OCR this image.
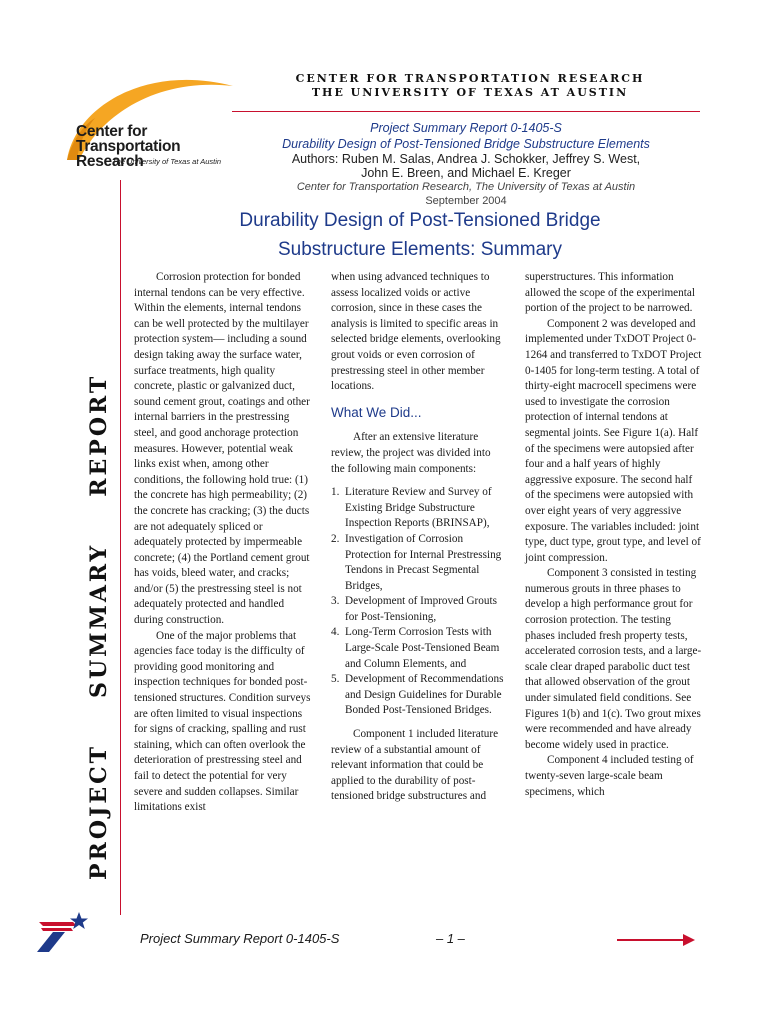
Center for
Transportation Research
The University of Texas at Austin
CENTER FOR TRANSPORTATION RESEARCH
THE UNIVERSITY OF TEXAS AT AUSTIN
Project Summary Report 0-1405-S
Durability Design of Post-Tensioned Bridge Substructure Elements
Authors: Ruben M. Salas, Andrea J. Schokker, Jeffrey S. West,
John E. Breen, and Michael E. Kreger
Center for Transportation Research, The University of Texas at Austin
September 2004
PROJECTSUMMARYREPORT
Durability Design of Post-Tensioned Bridge
Substructure Elements: Summary

Corrosion protection for bonded internal tendons can be very effective. Within the elements, internal tendons can be well protected by the multilayer protection system— including a sound design taking away the surface water, surface treatments, high quality concrete, plastic or galvanized duct, sound cement grout, coatings and other internal barriers in the prestressing steel, and good anchorage protection measures. However, potential weak links exist when, among other conditions, the following hold true: (1) the concrete has high permeability; (2) the concrete has cracking; (3) the ducts are not adequately spliced or adequately protected by impermeable concrete; (4) the Portland cement grout has voids, bleed water, and cracks; and/or (5) the prestressing steel is not adequately protected and handled during construction.

One of the major problems that agencies face today is the difficulty of providing good monitoring and inspection techniques for bonded post-tensioned structures. Condition surveys are often limited to visual inspections for signs of cracking, spalling and rust staining, which can often overlook the deterioration of prestressing steel and fail to detect the potential for very severe and sudden collapses. Similar limitations exist

when using advanced techniques to assess localized voids or active corrosion, since in these cases the analysis is limited to specific areas in selected bridge elements, overlooking grout voids or even corrosion of prestressing steel in other member locations.

What We Did...

After an extensive literature review, the project was divided into the following main components:

1. Literature Review and Survey of Existing Bridge Substructure Inspection Reports (BRINSAP),
2. Investigation of Corrosion Protection for Internal Prestressing Tendons in Precast Segmental Bridges,
3. Development of Improved Grouts for Post-Tensioning,
4. Long-Term Corrosion Tests with Large-Scale Post-Tensioned Beam and Column Elements, and
5. Development of Recommendations and Design Guidelines for Durable Bonded Post-Tensioned Bridges.

Component 1 included literature review of a substantial amount of relevant information that could be applied to the durability of post-tensioned bridge substructures and

superstructures. This information allowed the scope of the experimental portion of the project to be narrowed.

Component 2 was developed and implemented under TxDOT Project 0-1264 and transferred to TxDOT Project 0-1405 for long-term testing. A total of thirty-eight macrocell specimens were used to investigate the corrosion protection of internal tendons at segmental joints. See Figure 1(a). Half of the specimens were autopsied after four and a half years of highly aggressive exposure. The second half of the specimens were autopsied with over eight years of very aggressive exposure. The variables included: joint type, duct type, grout type, and level of joint compression.

Component 3 consisted in testing numerous grouts in three phases to develop a high performance grout for corrosion protection. The testing phases included fresh property tests, accelerated corrosion tests, and a large-scale clear draped parabolic duct test that allowed observation of the grout under simulated field conditions. See Figures 1(b) and 1(c). Two grout mixes were recommended and have already become widely used in practice.

Component 4 included testing of twenty-seven large-scale beam specimens, which

Project Summary Report 0-1405-S	– 1 –
